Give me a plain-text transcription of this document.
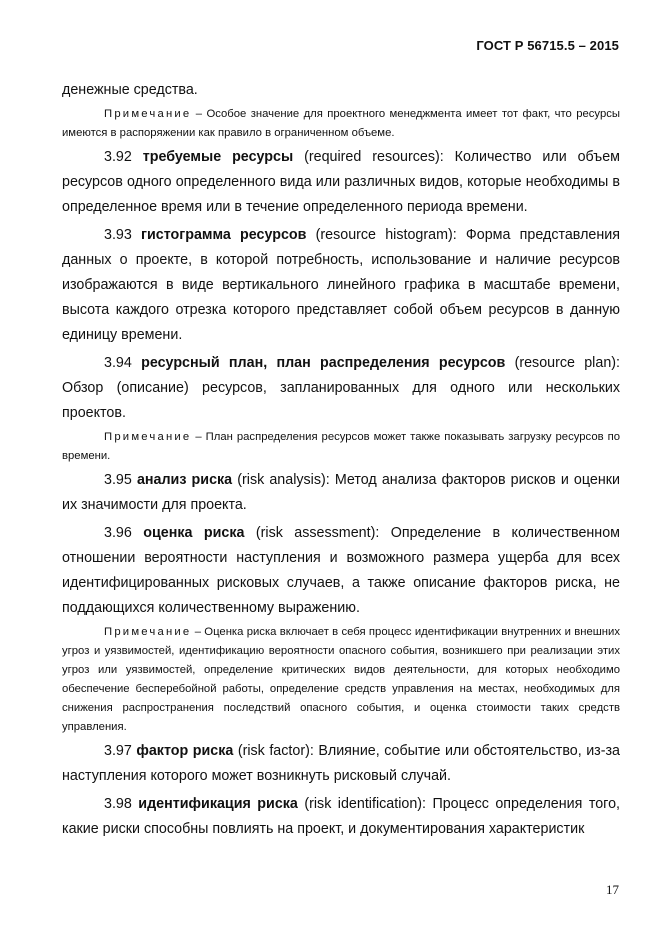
ГОСТ Р 56715.5 – 2015

денежные средства.

Примечание – Особое значение для проектного менеджмента имеет тот факт, что ресурсы имеются в распоряжении как правило в ограниченном объеме.

3.92 требуемые ресурсы (required resources): Количество или объем ресурсов одного определенного вида или различных видов, которые необходимы в определенное время или в течение определенного периода времени.

3.93 гистограмма ресурсов (resource histogram): Форма представления данных о проекте, в которой потребность, использование и наличие ресурсов изображаются в виде вертикального линейного графика в масштабе времени, высота каждого отрезка которого представляет собой объем ресурсов в данную единицу времени.

3.94 ресурсный план, план распределения ресурсов (resource plan): Обзор (описание) ресурсов, запланированных для одного или нескольких проектов.

Примечание – План распределения ресурсов может также показывать загрузку ресурсов по времени.

3.95 анализ риска (risk analysis): Метод анализа факторов рисков и оценки их значимости для проекта.

3.96 оценка риска (risk assessment): Определение в количественном отношении вероятности наступления и возможного размера ущерба для всех идентифицированных рисковых случаев, а также описание факторов риска, не поддающихся количественному выражению.

Примечание – Оценка риска включает в себя процесс идентификации внутренних и внешних угроз и уязвимостей, идентификацию вероятности опасного события, возникшего при реализации этих угроз или уязвимостей, определение критических видов деятельности, для которых необходимо обеспечение бесперебойной работы, определение средств управления на местах, необходимых для снижения распространения последствий опасного события, и оценка стоимости таких средств управления.

3.97 фактор риска (risk factor): Влияние, событие или обстоятельство, из-за наступления которого может возникнуть рисковый случай.

3.98 идентификация риска (risk identification): Процесс определения того, какие риски способны повлиять на проект, и документирования характеристик

17
